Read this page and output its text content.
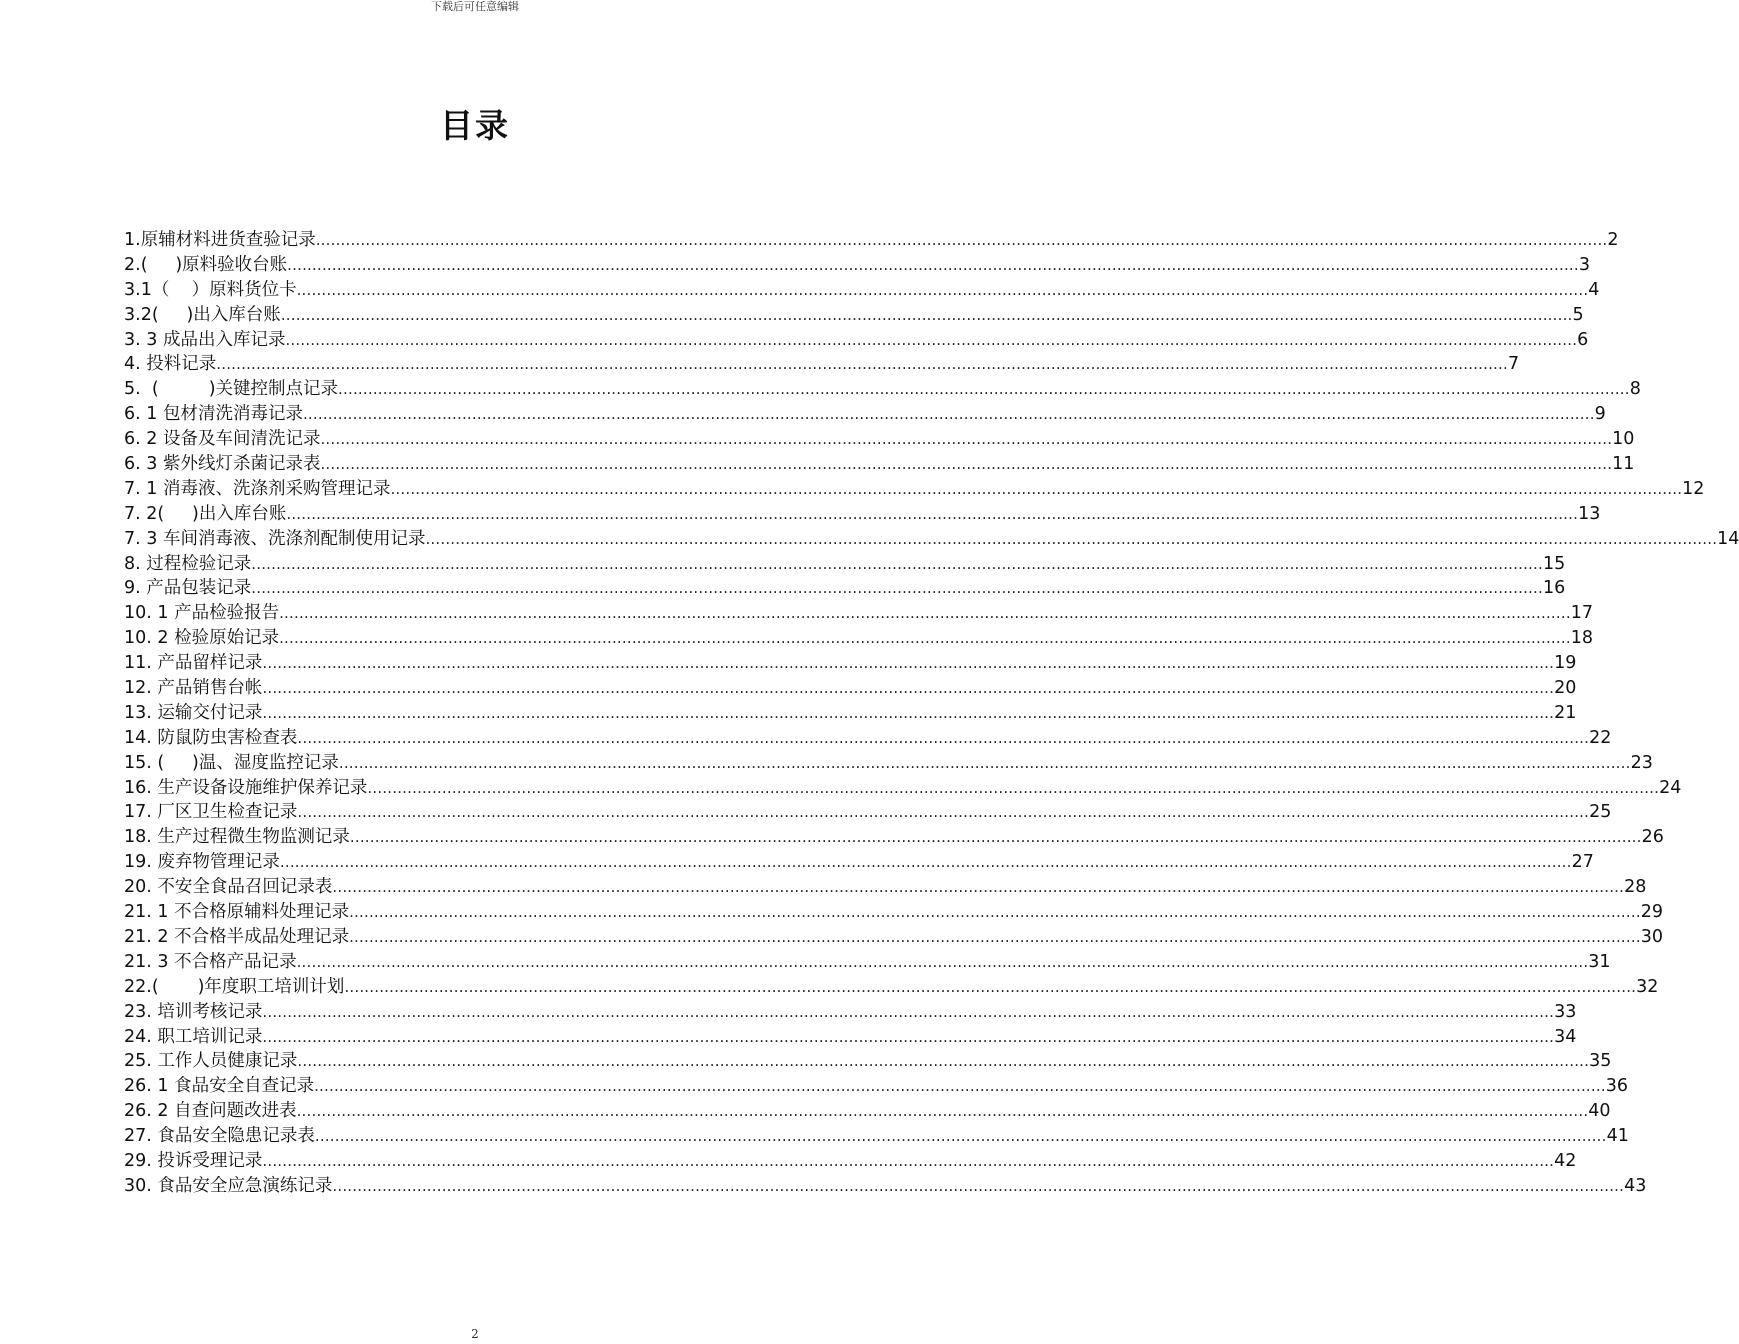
下载后可任意编辑
目录
1.原辅材料进货查验记录 .................................................................................................................................................................................................................................................................... 2
2.(     )原料验收台账 .................................................................................................................................................................................................................................................................... 3
3.1（    ）原料货位卡 .................................................................................................................................................................................................................................................................... 4
3.2(     )出入库台账 .................................................................................................................................................................................................................................................................... 5
3. 3 成品出入库记录 .................................................................................................................................................................................................................................................................... 6
4. 投料记录 .................................................................................................................................................................................................................................................................... 7
5.  (         )关键控制点记录 .................................................................................................................................................................................................................................................................... 8
6. 1 包材清洗消毒记录 .................................................................................................................................................................................................................................................................... 9
6. 2 设备及车间清洗记录 .................................................................................................................................................................................................................................................................... 10
6. 3 紫外线灯杀菌记录表 .................................................................................................................................................................................................................................................................... 11
7. 1 消毒液、洗涤剂采购管理记录 .................................................................................................................................................................................................................................................................... 12
7. 2(     )出入库台账 .................................................................................................................................................................................................................................................................... 13
7. 3 车间消毒液、洗涤剂配制使用记录 .................................................................................................................................................................................................................................................................... 14
8. 过程检验记录 .................................................................................................................................................................................................................................................................... 15
9. 产品包装记录 .................................................................................................................................................................................................................................................................... 16
10. 1 产品检验报告 .................................................................................................................................................................................................................................................................... 17
10. 2 检验原始记录 .................................................................................................................................................................................................................................................................... 18
11. 产品留样记录 .................................................................................................................................................................................................................................................................... 19
12. 产品销售台帐 .................................................................................................................................................................................................................................................................... 20
13. 运输交付记录 .................................................................................................................................................................................................................................................................... 21
14. 防鼠防虫害检查表 .................................................................................................................................................................................................................................................................... 22
15. (     )温、湿度监控记录 .................................................................................................................................................................................................................................................................... 23
16. 生产设备设施维护保养记录 .................................................................................................................................................................................................................................................................... 24
17. 厂区卫生检查记录 .................................................................................................................................................................................................................................................................... 25
18. 生产过程微生物监测记录 .................................................................................................................................................................................................................................................................... 26
19. 废弃物管理记录 .................................................................................................................................................................................................................................................................... 27
20. 不安全食品召回记录表 .................................................................................................................................................................................................................................................................... 28
21. 1 不合格原辅料处理记录 .................................................................................................................................................................................................................................................................... 29
21. 2 不合格半成品处理记录 .................................................................................................................................................................................................................................................................... 30
21. 3 不合格产品记录 .................................................................................................................................................................................................................................................................... 31
22.(       )年度职工培训计划 .................................................................................................................................................................................................................................................................... 32
23. 培训考核记录 .................................................................................................................................................................................................................................................................... 33
24. 职工培训记录 .................................................................................................................................................................................................................................................................... 34
25. 工作人员健康记录 .................................................................................................................................................................................................................................................................... 35
26. 1 食品安全自查记录 .................................................................................................................................................................................................................................................................... 36
26. 2 自查问题改进表 .................................................................................................................................................................................................................................................................... 40
27. 食品安全隐患记录表 .................................................................................................................................................................................................................................................................... 41
29. 投诉受理记录 .................................................................................................................................................................................................................................................................... 42
30. 食品安全应急演练记录 .................................................................................................................................................................................................................................................................... 43
2
